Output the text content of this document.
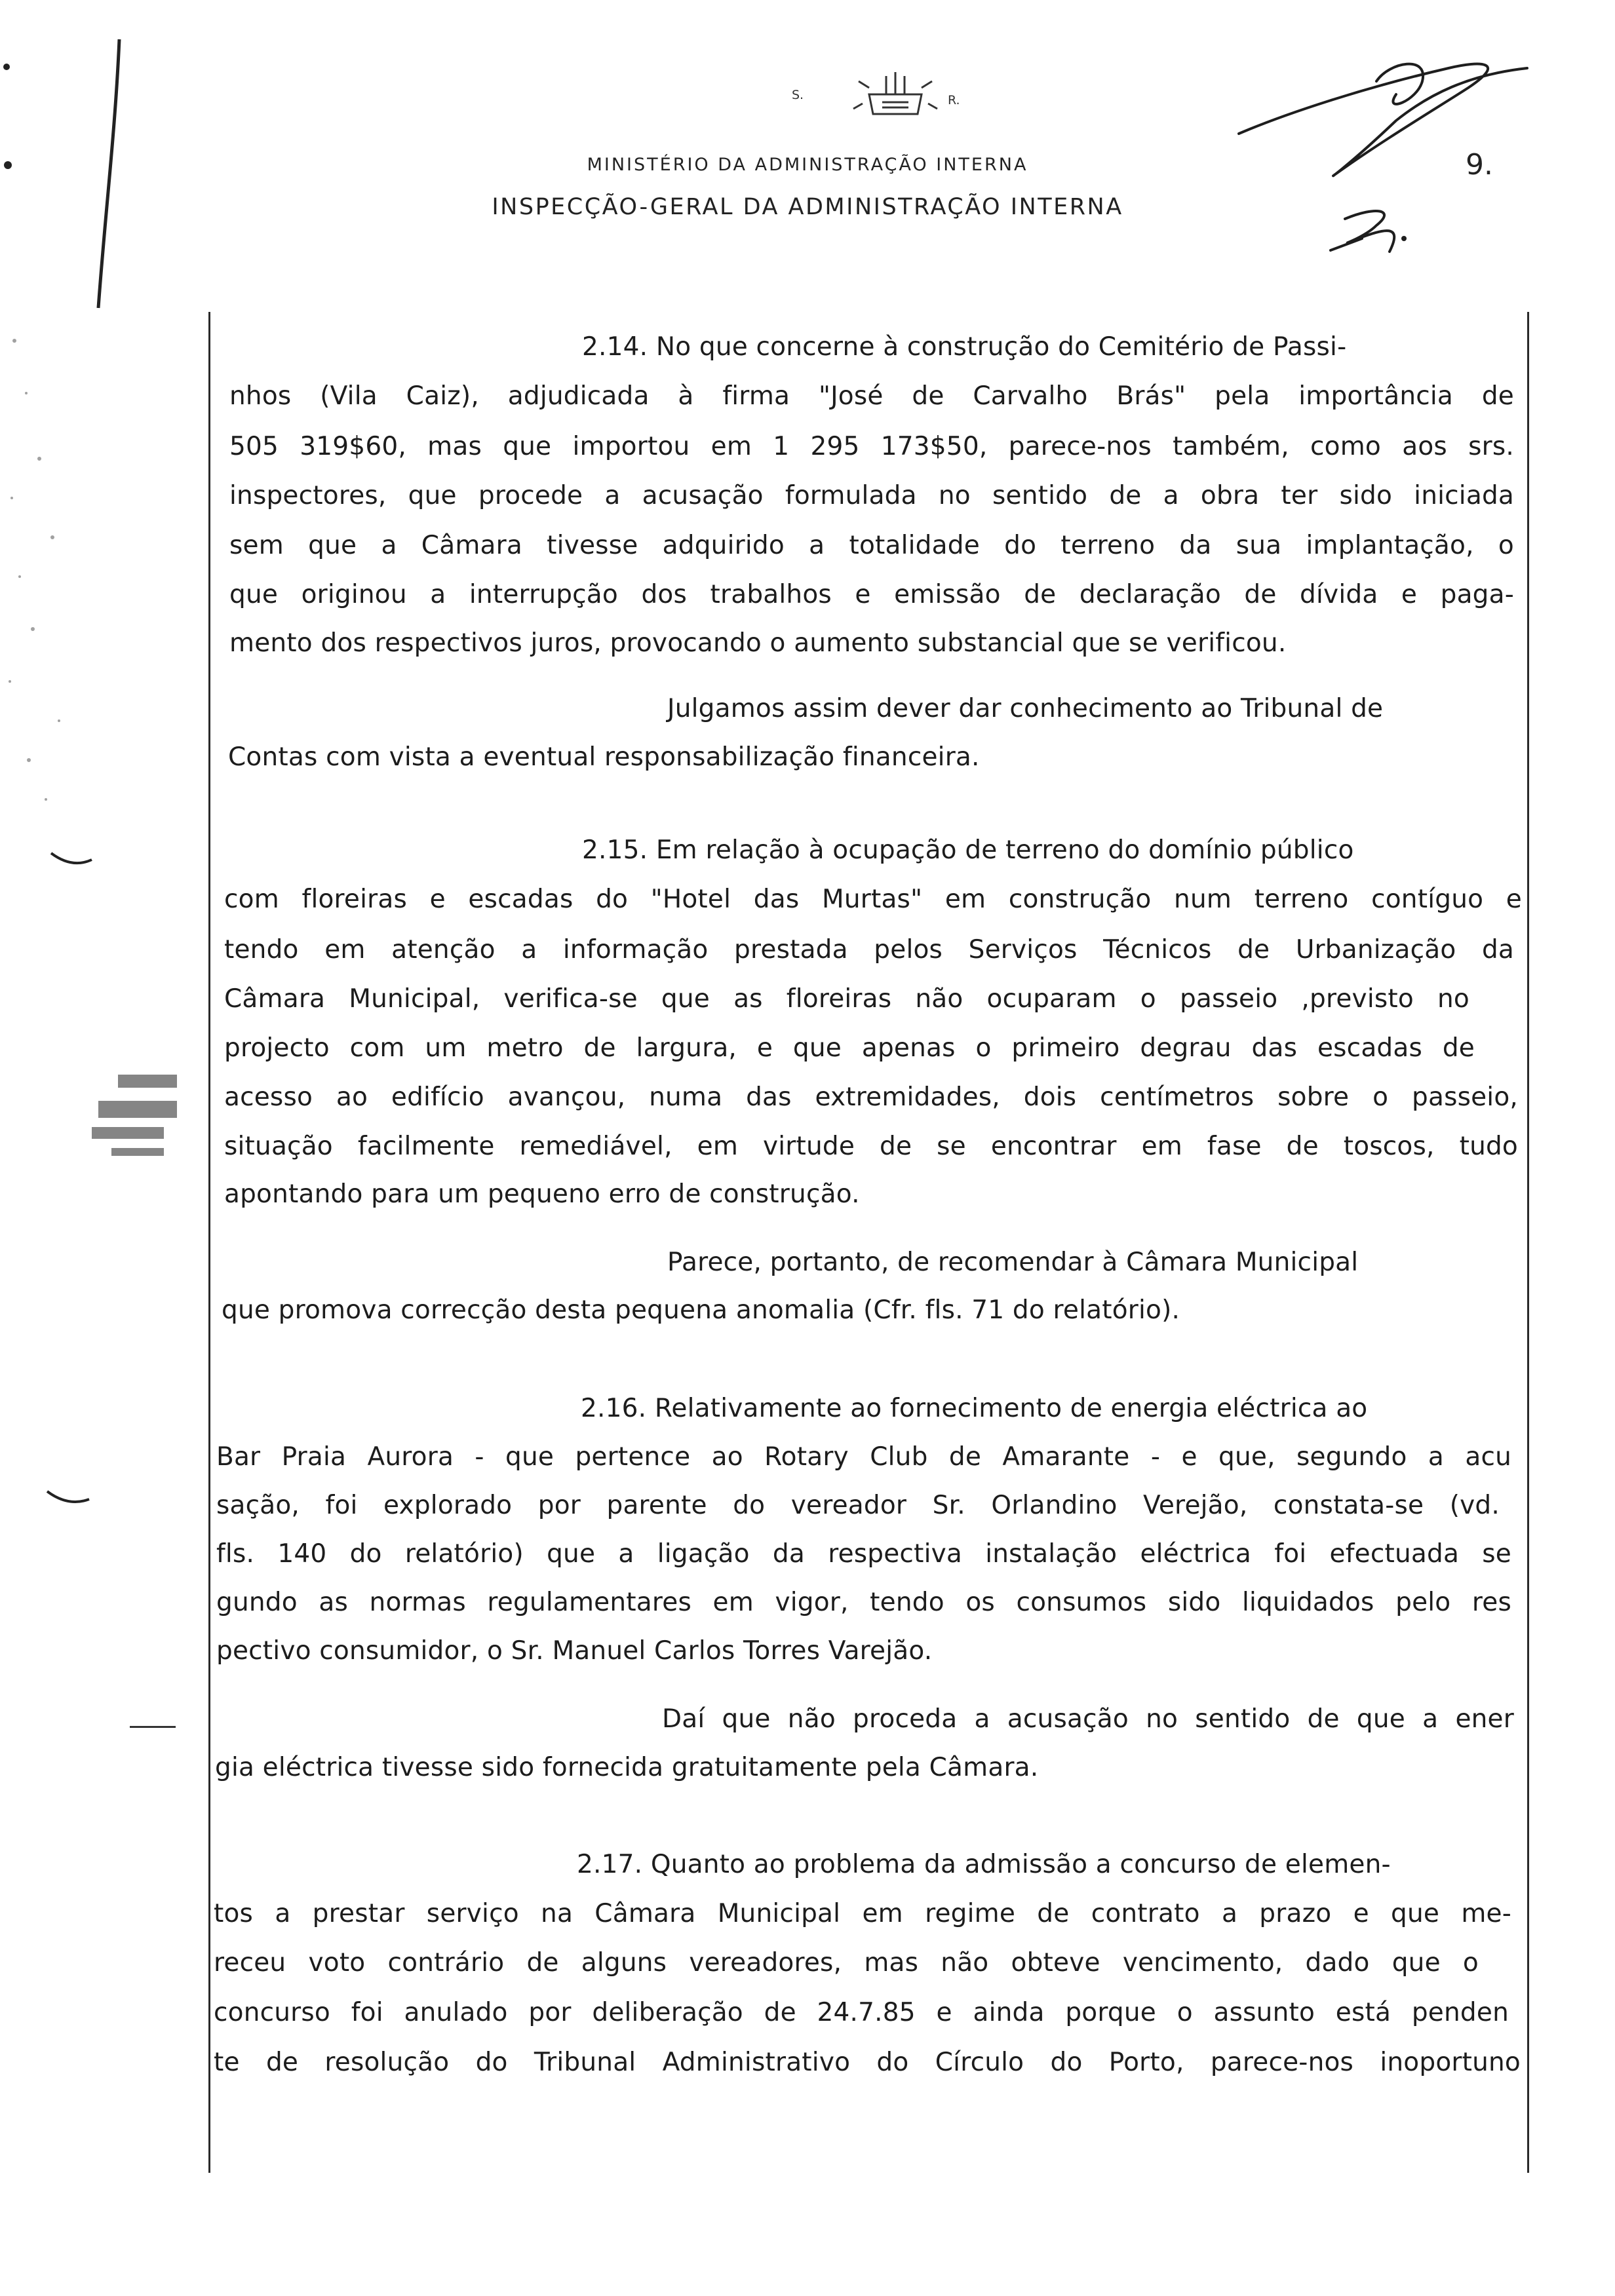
S.	R.
MINISTÉRIO DA ADMINISTRAÇÃO INTERNA
INSPECÇÃO-GERAL DA ADMINISTRAÇÃO INTERNA
9.
2.14. No que concerne à construção do Cemitério de Passi-
nhos (Vila Caiz), adjudicada à firma "José de Carvalho Brás" pela importância de
505 319$60, mas que importou em 1 295 173$50, parece-nos também, como aos srs.
inspectores, que procede a acusação formulada no sentido de a obra ter sido iniciada
sem que a Câmara tivesse adquirido a totalidade do terreno da sua implantação, o
que originou a interrupção dos trabalhos e emissão de declaração de dívida e paga-
mento dos respectivos juros, provocando o aumento substancial que se verificou.
Julgamos assim dever dar conhecimento ao Tribunal de
Contas com vista a eventual responsabilização financeira.
2.15. Em relação à ocupação de terreno do domínio público
com floreiras e escadas do "Hotel das Murtas" em construção num terreno contíguo e
tendo em atenção a informação prestada pelos Serviços Técnicos de Urbanização da
Câmara Municipal, verifica-se que as floreiras não ocuparam o passeio ,previsto no
projecto com um metro de largura, e que apenas o primeiro degrau das escadas de
acesso ao edifício avançou, numa das extremidades, dois centímetros sobre o passeio,
situação facilmente remediável, em virtude de se encontrar em fase de toscos, tudo
apontando para um pequeno erro de construção.
Parece, portanto, de recomendar à Câmara Municipal
que promova correcção desta pequena anomalia (Cfr. fls. 71 do relatório).
2.16. Relativamente ao fornecimento de energia eléctrica ao
Bar Praia Aurora - que pertence ao Rotary Club de Amarante - e que, segundo a acu
sação, foi explorado por parente do vereador Sr. Orlandino Verejão, constata-se (vd.
fls. 140 do relatório) que a ligação da respectiva instalação eléctrica foi efectuada se
gundo as normas regulamentares em vigor, tendo os consumos sido liquidados pelo res
pectivo consumidor, o Sr. Manuel Carlos Torres Varejão.
Daí que não proceda a acusação no sentido de que a ener
gia eléctrica tivesse sido fornecida gratuitamente pela Câmara.
2.17. Quanto ao problema da admissão a concurso de elemen-
tos a prestar serviço na Câmara Municipal em regime de contrato a prazo e que me-
receu voto contrário de alguns vereadores, mas não obteve vencimento, dado que o
concurso foi anulado por deliberação de 24.7.85 e ainda porque o assunto está penden
te de resolução do Tribunal Administrativo do Círculo do Porto, parece-nos inoportuno
